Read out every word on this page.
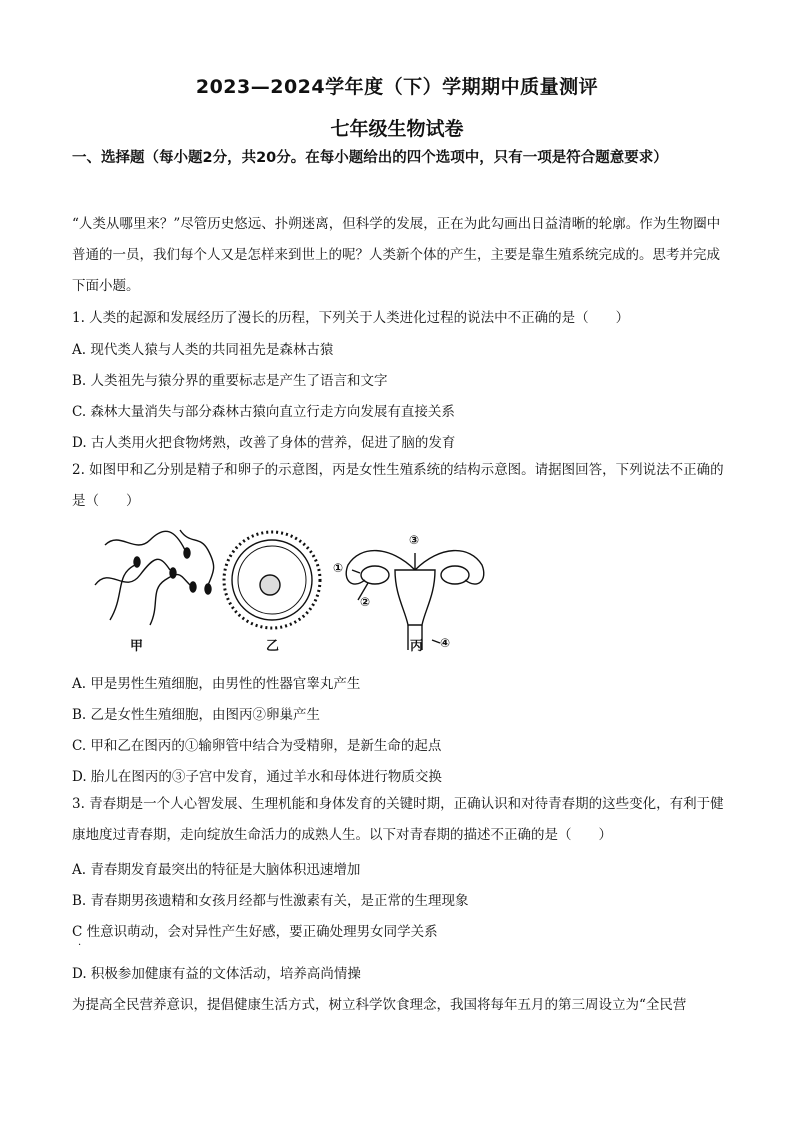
2023—2024学年度（下）学期期中质量测评
七年级生物试卷
一、选择题（每小题2分，共20分。在每小题给出的四个选项中，只有一项是符合题意要求）
“人类从哪里来？”尽管历史悠远、扑朔迷离，但科学的发展，正在为此勾画出日益清晰的轮廓。作为生物圈中普通的一员，我们每个人又是怎样来到世上的呢？人类新个体的产生，主要是靠生殖系统完成的。思考并完成下面小题。
1. 人类的起源和发展经历了漫长的历程，下列关于人类进化过程的说法中不正确的是（　　）
A. 现代类人猿与人类的共同祖先是森林古猿
B. 人类祖先与猿分界的重要标志是产生了语言和文字
C. 森林大量消失与部分森林古猿向直立行走方向发展有直接关系
D. 古人类用火把食物烤熟，改善了身体的营养，促进了脑的发育
2. 如图甲和乙分别是精子和卵子的示意图，丙是女性生殖系统的结构示意图。请据图回答，下列说法不正确的是（　　）
甲	乙	丙
①
②
③
④
A. 甲是男性生殖细胞，由男性的性器官睾丸产生
B. 乙是女性生殖细胞，由图丙②卵巢产生
C. 甲和乙在图丙的①输卵管中结合为受精卵，是新生命的起点
D. 胎儿在图丙的③子宫中发育，通过羊水和母体进行物质交换
3. 青春期是一个人心智发展、生理机能和身体发育的关键时期，正确认识和对待青春期的这些变化，有利于健康地度过青春期，走向绽放生命活力的成熟人生。以下对青春期的描述不正确的是（　　）
A. 青春期发育最突出的特征是大脑体积迅速增加
B. 青春期男孩遗精和女孩月经都与性激素有关，是正常的生理现象
C 性意识萌动，会对异性产生好感，要正确处理男女同学关系
·
D. 积极参加健康有益的文体活动，培养高尚情操
为提高全民营养意识，提倡健康生活方式，树立科学饮食理念，我国将每年五月的第三周设立为“全民营
